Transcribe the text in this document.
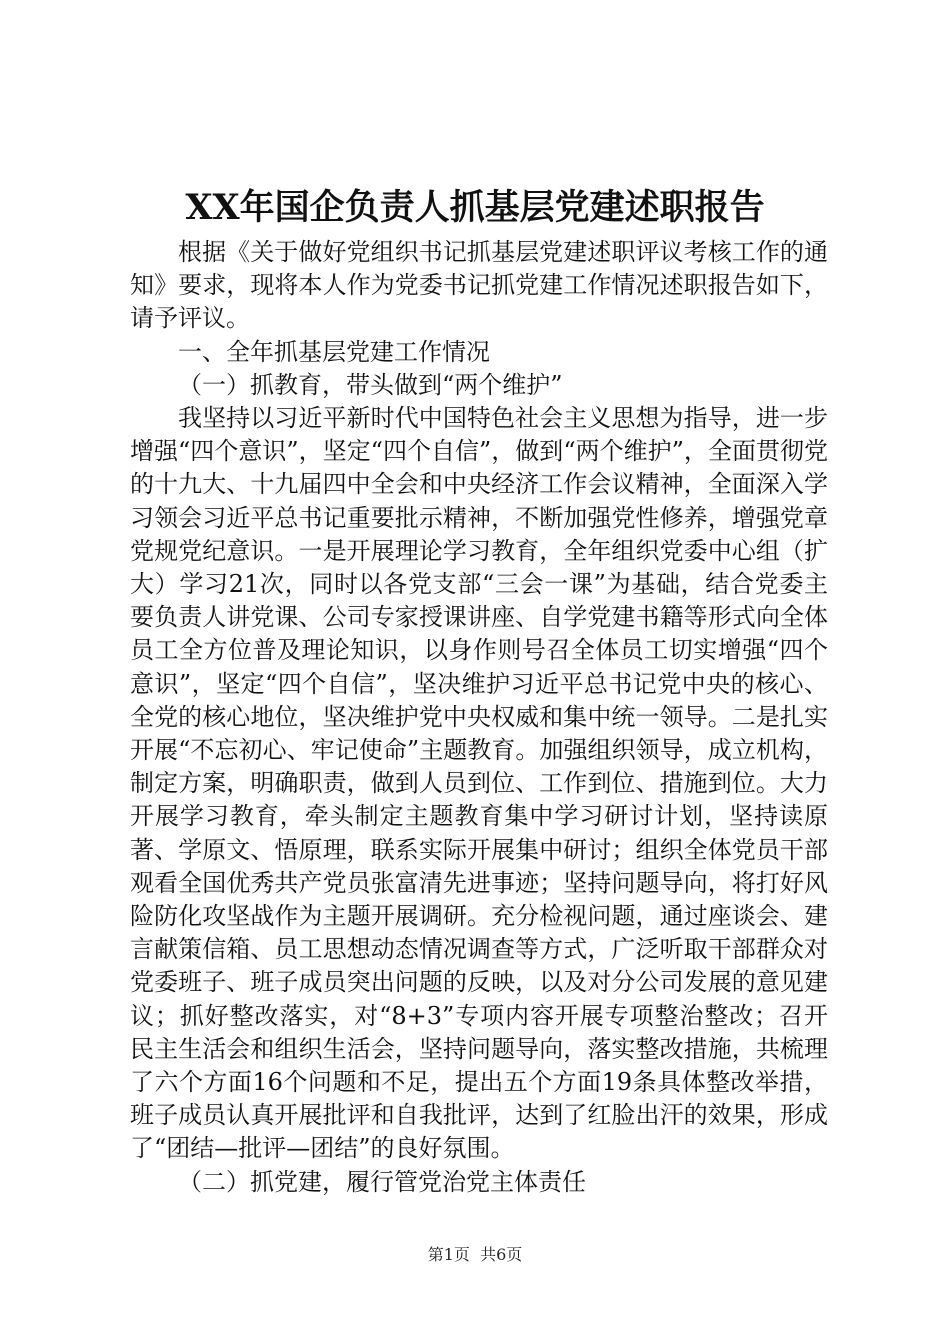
XX年国企负责人抓基层党建述职报告

根据《关于做好党组织书记抓基层党建述职评议考核工作的通知》要求，现将本人作为党委书记抓党建工作情况述职报告如下，请予评议。

一、全年抓基层党建工作情况

（一）抓教育，带头做到“两个维护”

我坚持以习近平新时代中国特色社会主义思想为指导，进一步增强“四个意识”，坚定“四个自信”，做到“两个维护”，全面贯彻党的十九大、十九届四中全会和中央经济工作会议精神，全面深入学习领会习近平总书记重要批示精神，不断加强党性修养，增强党章党规党纪意识。一是开展理论学习教育，全年组织党委中心组（扩大）学习21次，同时以各党支部“三会一课”为基础，结合党委主要负责人讲党课、公司专家授课讲座、自学党建书籍等形式向全体员工全方位普及理论知识，以身作则号召全体员工切实增强“四个意识”，坚定“四个自信”，坚决维护习近平总书记党中央的核心、全党的核心地位，坚决维护党中央权威和集中统一领导。二是扎实开展“不忘初心、牢记使命”主题教育。加强组织领导，成立机构，制定方案，明确职责，做到人员到位、工作到位、措施到位。大力开展学习教育，牵头制定主题教育集中学习研讨计划，坚持读原著、学原文、悟原理，联系实际开展集中研讨；组织全体党员干部观看全国优秀共产党员张富清先进事迹；坚持问题导向，将打好风险防化攻坚战作为主题开展调研。充分检视问题，通过座谈会、建言献策信箱、员工思想动态情况调查等方式，广泛听取干部群众对党委班子、班子成员突出问题的反映，以及对分公司发展的意见建议；抓好整改落实，对“8+3”专项内容开展专项整治整改；召开民主生活会和组织生活会，坚持问题导向，落实整改措施，共梳理了六个方面16个问题和不足，提出五个方面19条具体整改举措，班子成员认真开展批评和自我批评，达到了红脸出汗的效果，形成了“团结—批评—团结”的良好氛围。

（二）抓党建，履行管党治党主体责任

第1页 共6页
